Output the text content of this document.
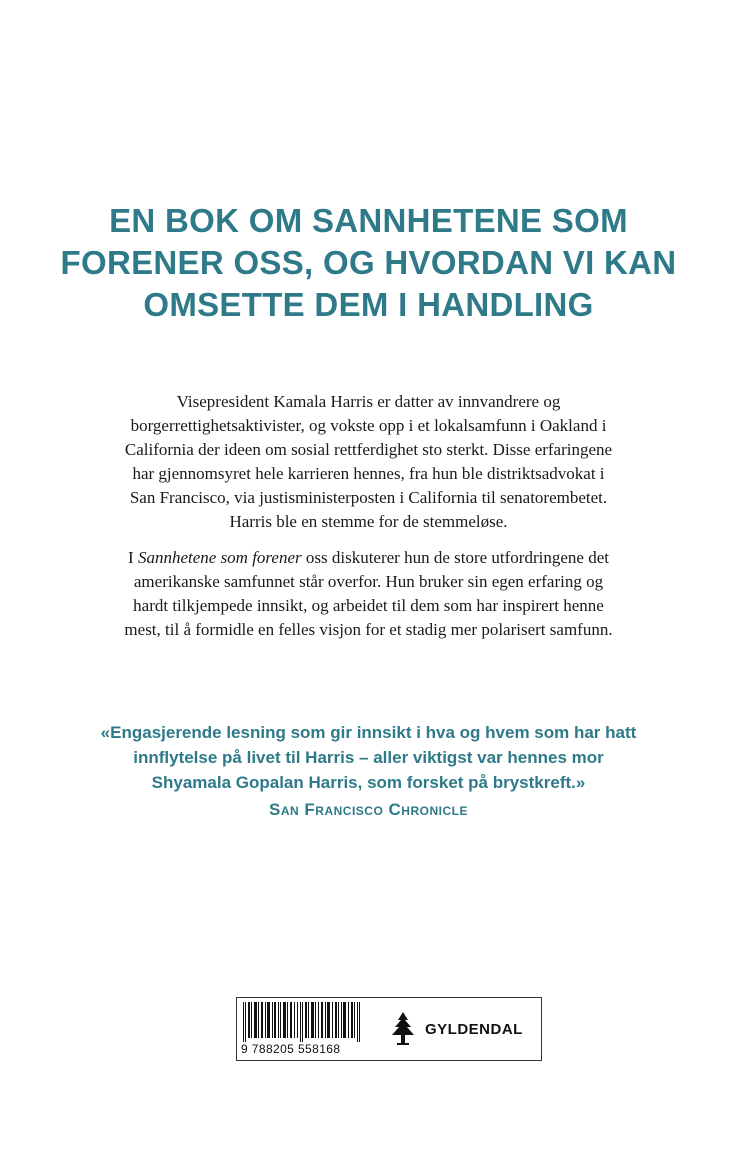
EN BOK OM SANNHETENE SOM
FORENER OSS, OG HVORDAN VI KAN
OMSETTE DEM I HANDLING

Visepresident Kamala Harris er datter av innvandrere og
borgerrettighetsaktivister, og vokste opp i et lokalsamfunn i Oakland i
California der ideen om sosial rettferdighet sto sterkt. Disse erfaringene
har gjennomsyret hele karrieren hennes, fra hun ble distriktsadvokat i
San Francisco, via justisministerposten i California til senatorembetet.
Harris ble en stemme for de stemmeløse.

I Sannhetene som forener oss diskuterer hun de store utfordringene det
amerikanske samfunnet står overfor. Hun bruker sin egen erfaring og
hardt tilkjempede innsikt, og arbeidet til dem som har inspirert henne
mest, til å formidle en felles visjon for et stadig mer polarisert samfunn.

«Engasjerende lesning som gir innsikt i hva og hvem som har hatt
innflytelse på livet til Harris – aller viktigst var hennes mor
Shyamala Gopalan Harris, som forsket på brystkreft.»
San Francisco Chronicle
9 788205 558168
GYLDENDAL
